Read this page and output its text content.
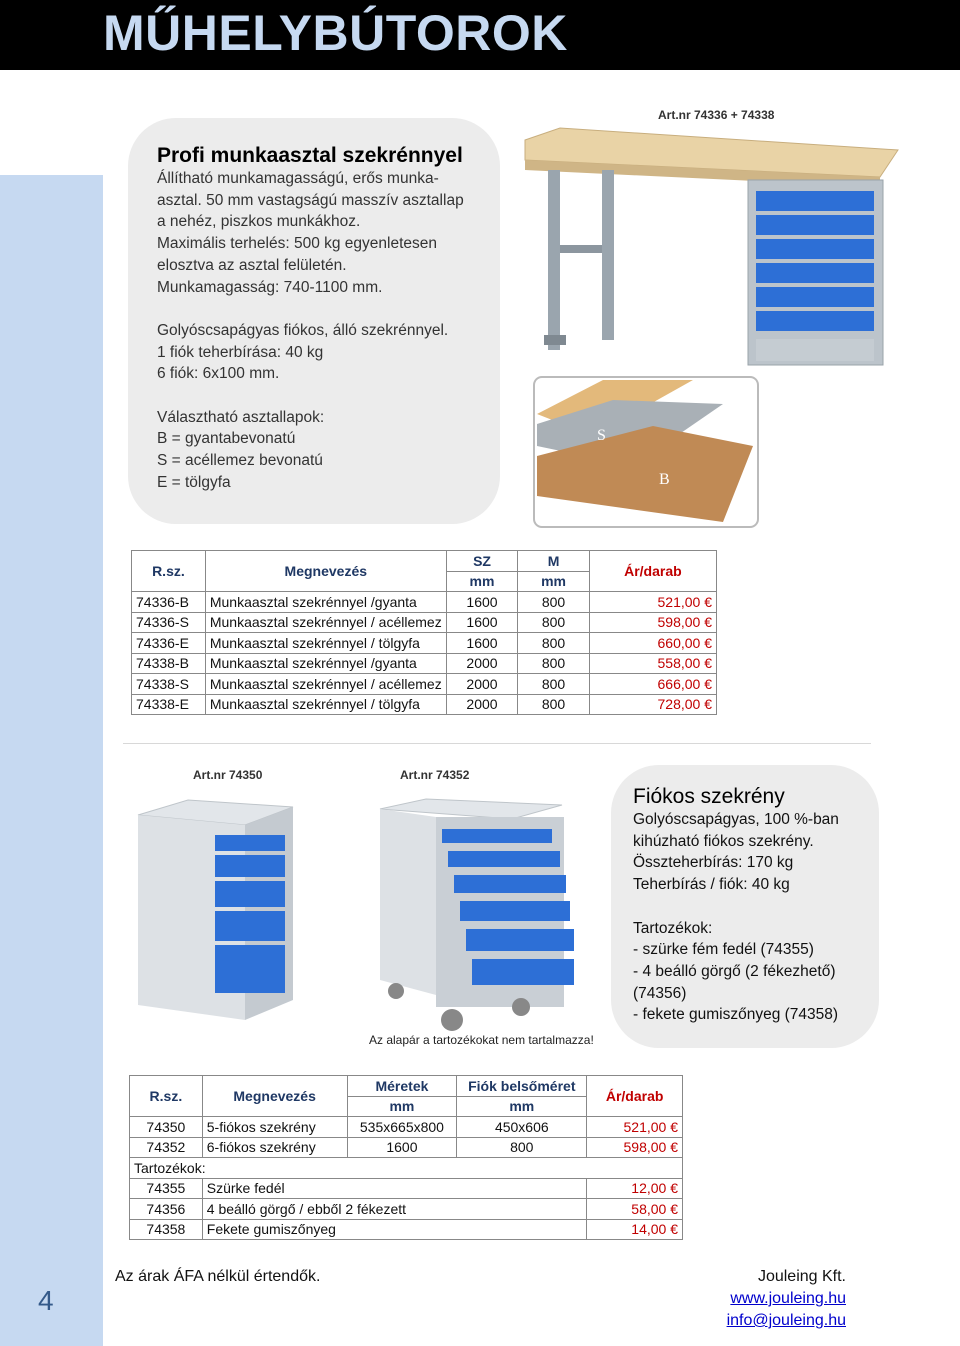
MŰHELYBÚTOROK
4
Profi munkaasztal szekrénnyel
Állítható munkamagasságú, erős munka-
asztal. 50 mm vastagságú masszív asztallap
a nehéz, piszkos munkákhoz.
Maximális terhelés: 500 kg egyenletesen
elosztva az asztal felületén.
Munkamagasság: 740-1100 mm.
Golyóscsapágyas fiókos, álló szekrénnyel.
1 fiók teherbírása: 40 kg
6 fiók: 6x100 mm.
Választható asztallapok:
B = gyantabevonatú
S = acéllemez bevonatú
E = tölgyfa
Art.nr 74336 + 74338
E
S
B
R.sz.	Megnevezés	SZ	M	Ár/darab
		mm	mm	
74336-B	Munkaasztal szekrénnyel /gyanta	1600	800	521,00 €
74336-S	Munkaasztal szekrénnyel / acéllemez	1600	800	598,00 €
74336-E	Munkaasztal szekrénnyel / tölgyfa	1600	800	660,00 €
74338-B	Munkaasztal szekrénnyel /gyanta	2000	800	558,00 €
74338-S	Munkaasztal szekrénnyel / acéllemez	2000	800	666,00 €
74338-E	Munkaasztal szekrénnyel / tölgyfa	2000	800	728,00 €
Art.nr 74350	Art.nr 74352
Az alapár a tartozékokat nem tartalmazza!
Fiókos szekrény
Golyóscsapágyas, 100 %-ban
kihúzható fiókos szekrény.
Összteherbírás: 170 kg
Teherbírás / fiók: 40 kg
Tartozékok:
- szürke fém fedél (74355)
- 4 beálló görgő (2 fékezhető)
(74356)
- fekete gumiszőnyeg (74358)
R.sz.	Megnevezés	Méretek	Fiók belsőméret	Ár/darab
		mm	mm	
74350	5-fiókos szekrény	535x665x800	450x606	521,00 €
74352	6-fiókos szekrény	1600	800	598,00 €
Tartozékok:				
74355	Szürke fedél			12,00 €
74356	4 beálló görgő / ebből 2 fékezett			58,00 €
74358	Fekete gumiszőnyeg			14,00 €
Az árak ÁFA nélkül értendők.	Jouleing Kft.
www.jouleing.hu
info@jouleing.hu
